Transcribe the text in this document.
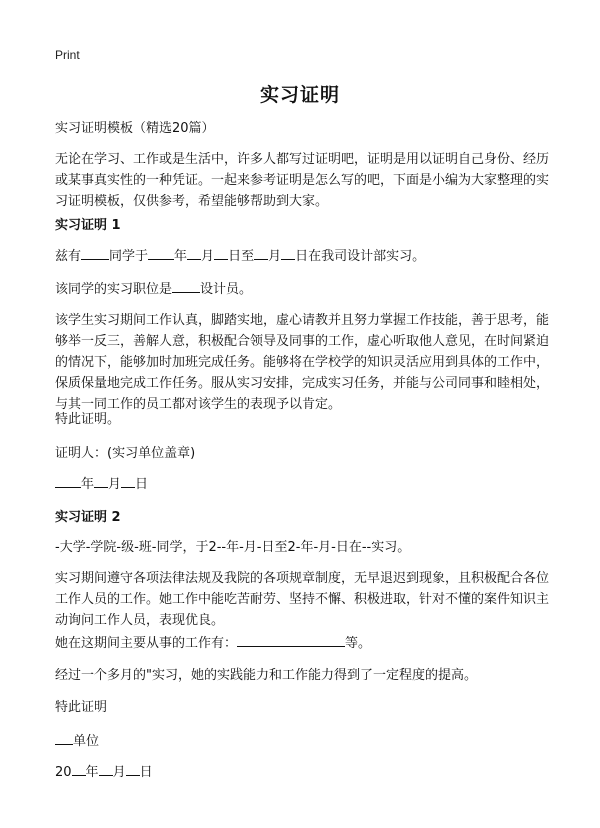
Print
实习证明

实习证明模板（精选20篇）

无论在学习、工作或是生活中，许多人都写过证明吧，证明是用以证明自己身份、经历或某事真实性的一种凭证。一起来参考证明是怎么写的吧，下面是小编为大家整理的实习证明模板，仅供参考，希望能够帮助到大家。

实习证明 1

兹有 同学于 年 月 日至 月 日在我司设计部实习。

该同学的实习职位是 设计员。

该学生实习期间工作认真，脚踏实地，虚心请教并且努力掌握工作技能，善于思考，能够举一反三，善解人意，积极配合领导及同事的工作，虚心听取他人意见，在时间紧迫的情况下，能够加时加班完成任务。能够将在学校学的知识灵活应用到具体的工作中，保质保量地完成工作任务。服从实习安排，完成实习任务，并能与公司同事和睦相处，与其一同工作的员工都对该学生的表现予以肯定。

特此证明。

证明人：(实习单位盖章)

年 月 日

实习证明 2

-大学-学院-级-班-同学，于2--年-月-日至2-年-月-日在--实习。

实习期间遵守各项法律法规及我院的各项规章制度，无早退迟到现象，且积极配合各位工作人员的工作。她工作中能吃苦耐劳、坚持不懈、积极进取，针对不懂的案件知识主动询问工作人员，表现优良。

她在这期间主要从事的工作有：	等。

经过一个多月的"实习，她的实践能力和工作能力得到了一定程度的提高。

特此证明

单位

20 年 月 日
